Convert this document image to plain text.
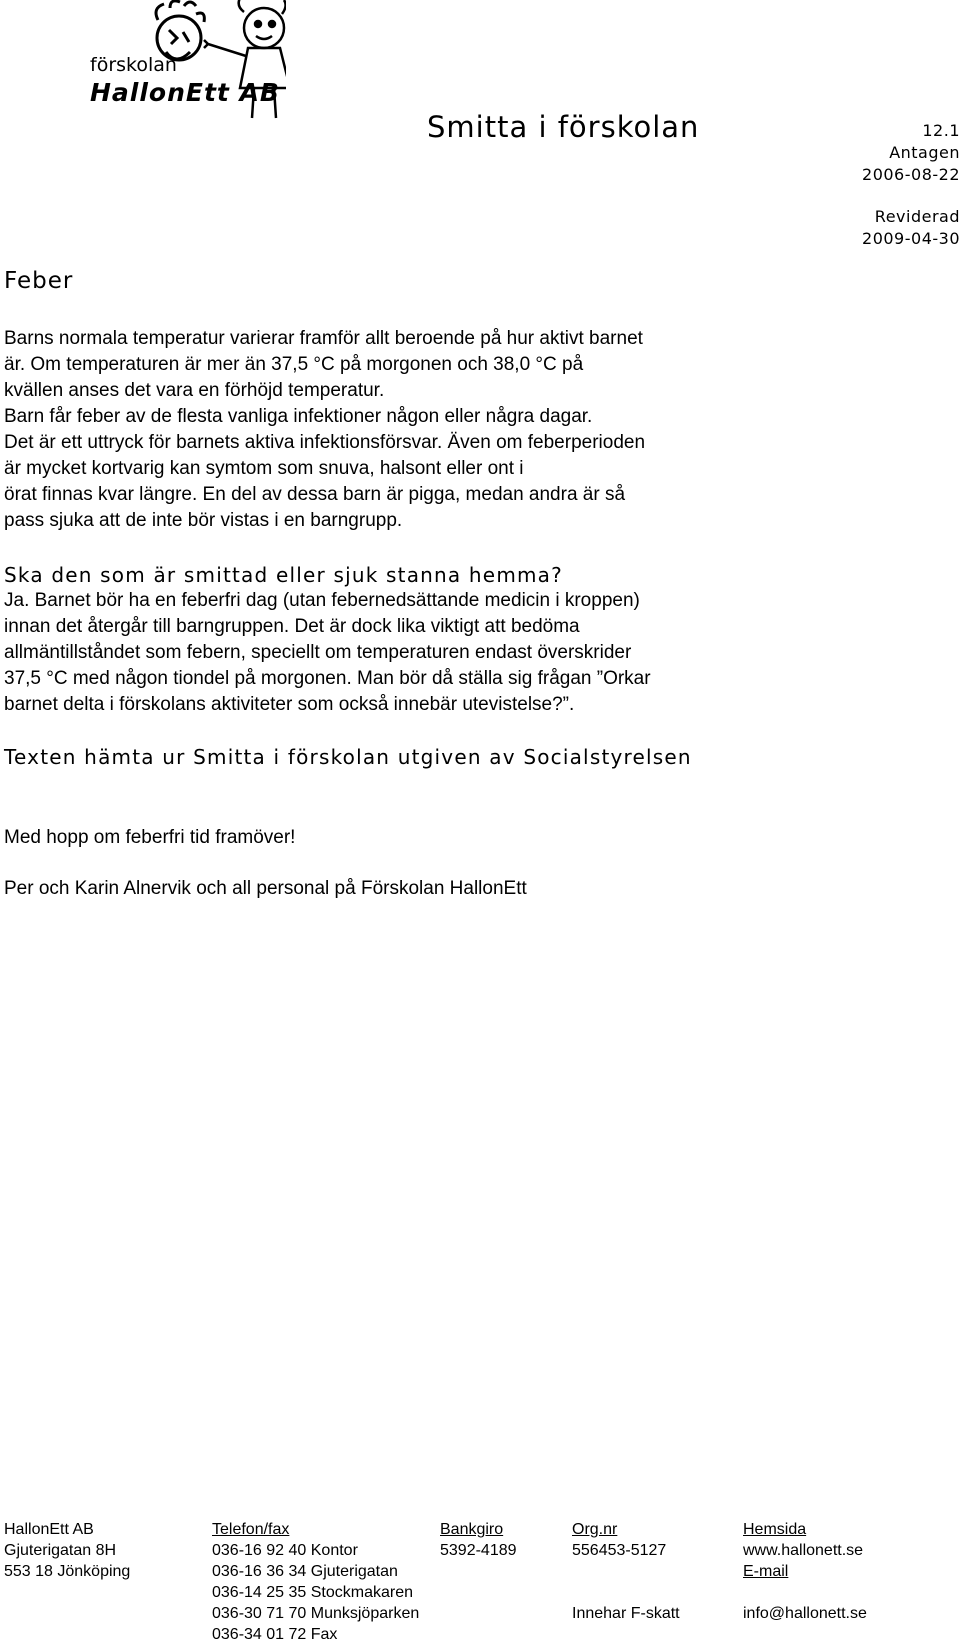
förskolan
HallonEtt AB
Smitta i förskolan	12.1
Antagen
2006-08-22
Reviderad
2009-04-30
Feber
Barns normala temperatur varierar framför allt beroende på hur aktivt barnet
är. Om temperaturen är mer än 37,5 °C på morgonen och 38,0 °C på
kvällen anses det vara en förhöjd temperatur.
Barn får feber av de flesta vanliga infektioner någon eller några dagar.
Det är ett uttryck för barnets aktiva infektionsförsvar. Även om feberperioden
är mycket kortvarig kan symtom som snuva, halsont eller ont i
örat finnas kvar längre. En del av dessa barn är pigga, medan andra är så
pass sjuka att de inte bör vistas i en barngrupp.
Ska den som är smittad eller sjuk stanna hemma?
Ja. Barnet bör ha en feberfri dag (utan febernedsättande medicin i kroppen)
innan det återgår till barngruppen. Det är dock lika viktigt att bedöma
allmäntillståndet som febern, speciellt om temperaturen endast överskrider
37,5 °C med någon tiondel på morgonen. Man bör då ställa sig frågan ”Orkar
barnet delta i förskolans aktiviteter som också innebär utevistelse?”.
Texten hämta ur Smitta i förskolan utgiven av Socialstyrelsen
Med hopp om feberfri tid framöver!
Per och Karin Alnervik och all personal på Förskolan HallonEtt
HallonEtt AB
Gjuterigatan 8H
553 18 Jönköping
Telefon/fax
036-16 92 40 Kontor
036-16 36 34 Gjuterigatan
036-14 25 35 Stockmakaren
036-30 71 70 Munksjöparken
036-34 01 72 Fax
Bankgiro
5392-4189
Org.nr
556453-5127

Innehar F-skatt
Hemsida
www.hallonett.se
E-mail

info@hallonett.se
